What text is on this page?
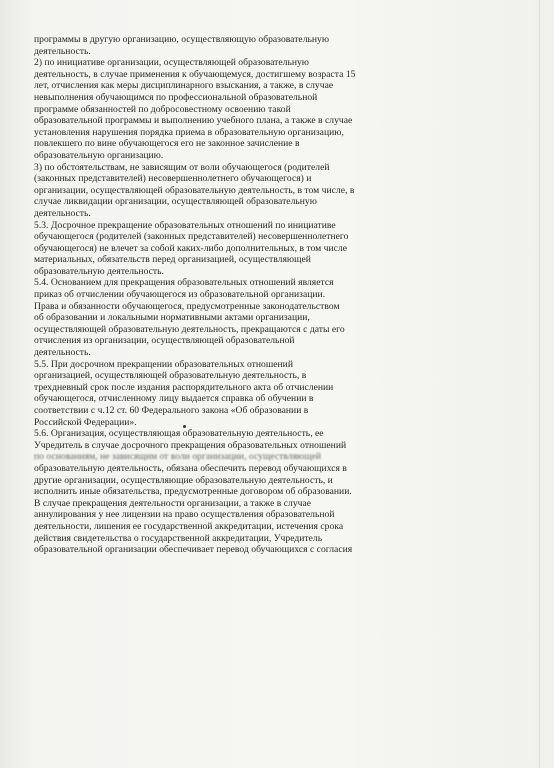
программы в другую организацию, осуществляющую образовательную
деятельность.
2) по инициативе организации, осуществляющей образовательную
деятельность, в случае применения к обучающемуся, достигшему возраста 15
лет, отчисления как меры дисциплинарного взыскания, а также, в случае
невыполнения обучающимся по профессиональной образовательной
программе обязанностей по добросовестному освоению такой
образовательной программы и выполнению учебного плана, а также в случае
установления нарушения порядка приема в образовательную организацию,
повлекшего по вине обучающегося его не законное зачисление в
образовательную организацию.
3) по обстоятельствам, не зависящим от воли обучающегося (родителей
(законных представителей) несовершеннолетнего обучающегося) и
организации, осуществляющей образовательную деятельность, в том числе, в
случае ликвидации организации, осуществляющей образовательную
деятельность.
5.3. Досрочное прекращение образовательных отношений по инициативе
обучающегося (родителей (законных представителей) несовершеннолетнего
обучающегося) не влечет за собой каких-либо дополнительных, в том числе
материальных, обязательств перед организацией, осуществляющей
образовательную деятельность.
5.4. Основанием для прекращения образовательных отношений является
приказ об отчислении обучающегося из образовательной организации.
Права и обязанности обучающегося, предусмотренные законодательством
об образовании и локальными нормативными актами организации,
осуществляющей образовательную деятельность, прекращаются с даты его
отчисления из организации, осуществляющей образовательной
деятельность.
5.5. При досрочном прекращении образовательных отношений
организацией, осуществляющей образовательную деятельность, в
трехдневный срок после издания распорядительного акта об отчислении
обучающегося, отчисленному лицу выдается справка об обучении в
соответствии с ч.12 ст. 60 Федерального закона «Об образовании в
Российской Федерации».
5.6. Организация, осуществляющая образовательную деятельность, ее
Учредитель в случае досрочного прекращения образовательных отношений
по основаниям, не зависящим от воли организации, осуществляющей
образовательную деятельность, обязана обеспечить перевод обучающихся в
другие организации, осуществляющие образовательную деятельность, и
исполнить иные обязательства, предусмотренные договором об образовании.
В случае прекращения деятельности организации, а также в случае
аннулирования у нее лицензии на право осуществления образовательной
деятельности, лишения ее государственной аккредитации, истечения срока
действия свидетельства о государственной аккредитации, Учредитель
образовательной организации обеспечивает перевод обучающихся с согласия
